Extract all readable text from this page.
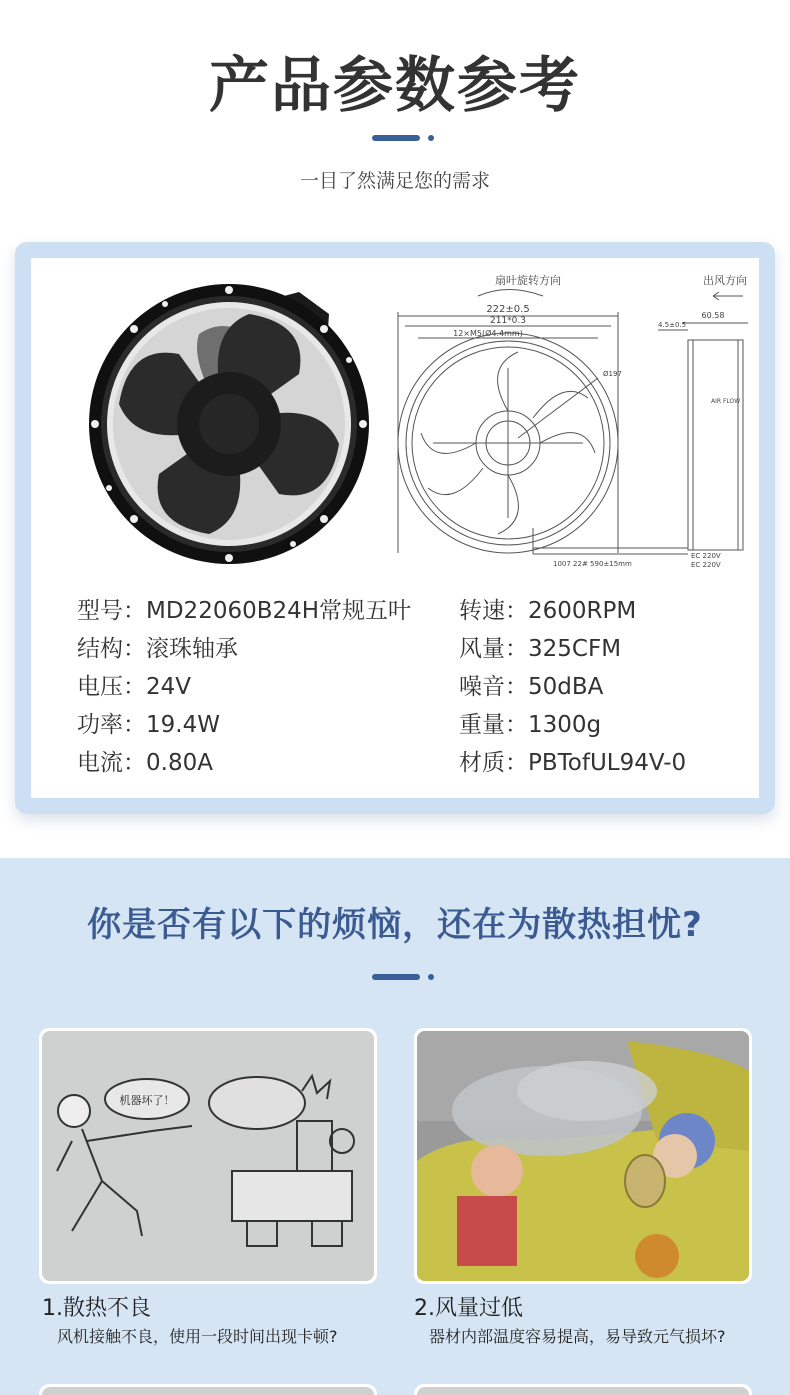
产品参数参考
一目了然满足您的需求
扇叶旋转方向	出风方向
222±0.5
211*0.3
12×M5(Ø4.4mm)
Ø197
4.5±0.5
60.58
1007 22# 590±15mm
EC 220V
EC 220V
AIR FLOW
型号：MD22060B24H常规五叶
结构：滚珠轴承
电压：24V
功率：19.4W
电流：0.80A
转速：2600RPM
风量：325CFM
噪音：50dBA
重量：1300g
材质：PBTofUL94V-0
你是否有以下的烦恼，还在为散热担忧?
机器坏了！
1.散热不良
风机接触不良，使用一段时间出现卡顿?
2.风量过低
器材内部温度容易提高，易导致元气损坏?
